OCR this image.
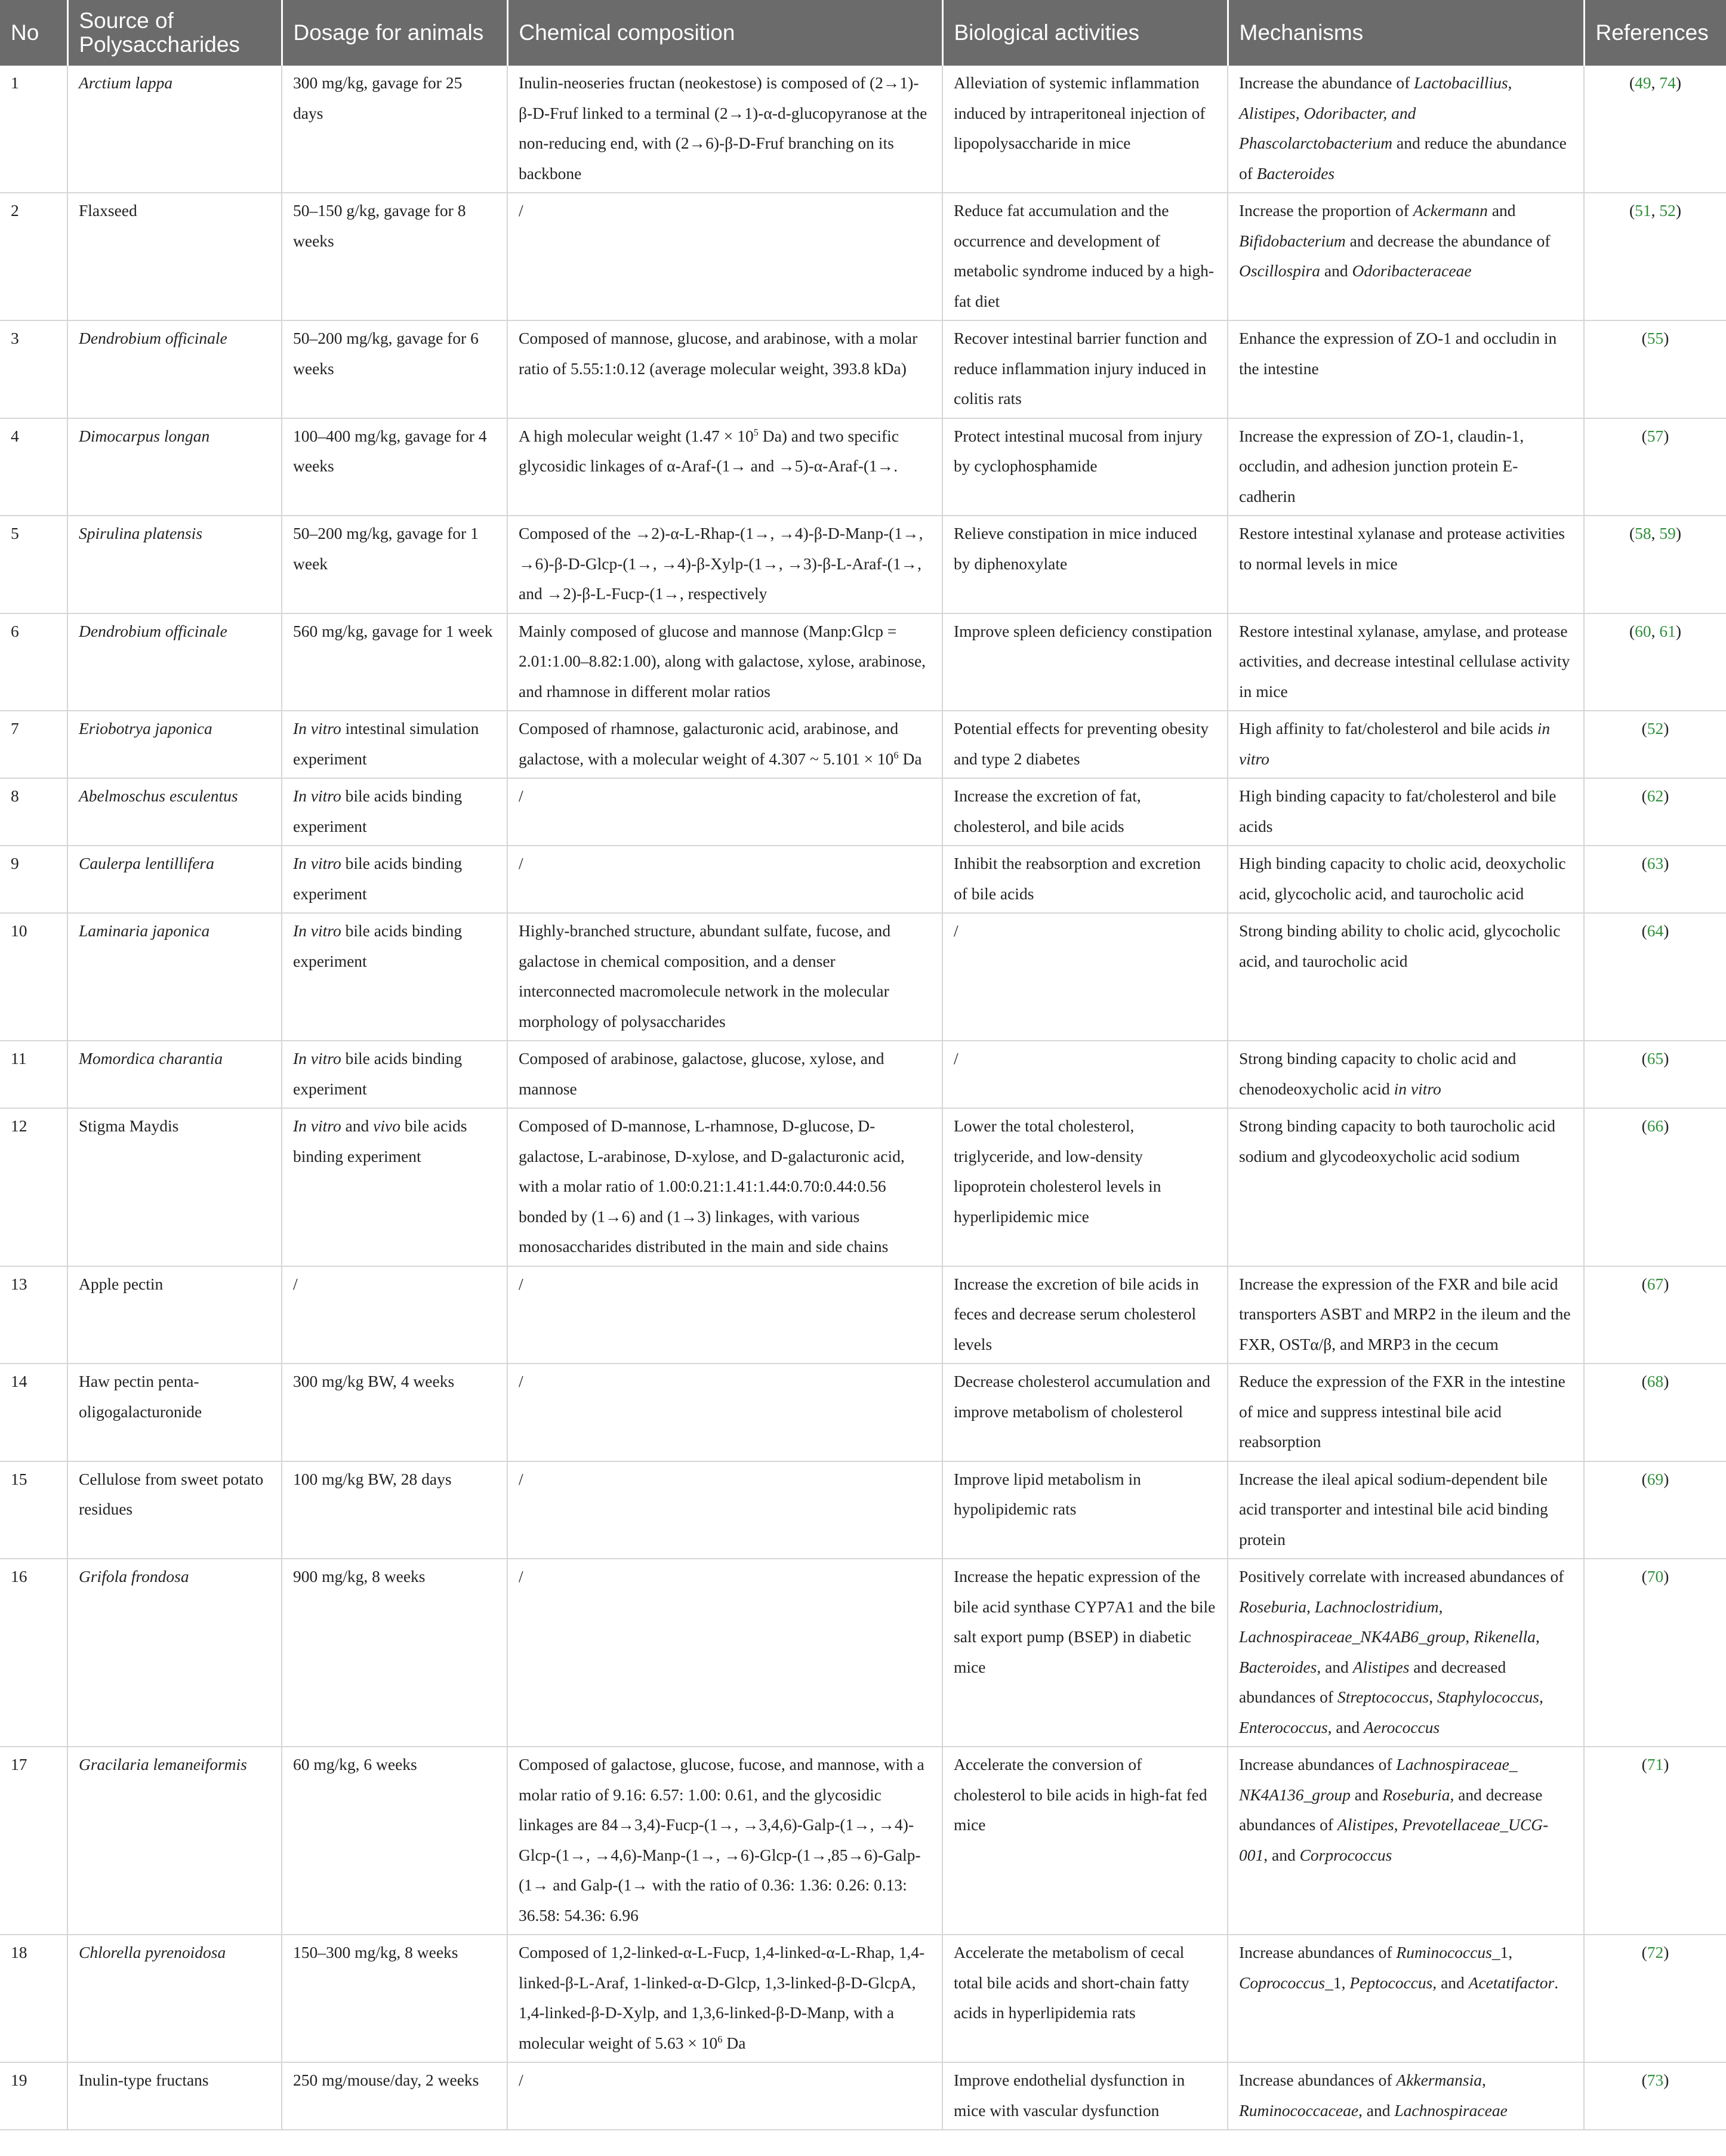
No	Source of Polysaccharides	Dosage for animals	Chemical composition	Biological activities	Mechanisms	References
1	Arctium lappa	300 mg/kg, gavage for 25 days	Inulin-neoseries fructan (neokestose) is composed of (2→1)-β-D-Fruf linked to a terminal (2→1)-α-d-glucopyranose at the non-reducing end, with (2→6)-β-D-Fruf branching on its backbone	Alleviation of systemic inflammation induced by intraperitoneal injection of lipopolysaccharide in mice	Increase the abundance of Lactobacillius, Alistipes, Odoribacter, and Phascolarctobacterium and reduce the abundance of Bacteroides	(49, 74)
2	Flaxseed	50–150 g/kg, gavage for 8 weeks	/	Reduce fat accumulation and the occurrence and development of metabolic syndrome induced by a high-fat diet	Increase the proportion of Ackermann and Bifidobacterium and decrease the abundance of Oscillospira and Odoribacteraceae	(51, 52)
3	Dendrobium officinale	50–200 mg/kg, gavage for 6 weeks	Composed of mannose, glucose, and arabinose, with a molar ratio of 5.55:1:0.12 (average molecular weight, 393.8 kDa)	Recover intestinal barrier function and reduce inflammation injury induced in colitis rats	Enhance the expression of ZO-1 and occludin in the intestine	(55)
4	Dimocarpus longan	100–400 mg/kg, gavage for 4 weeks	A high molecular weight ($1.47 \times 10^5$ Da) and two specific glycosidic linkages of α-Araf-(1→ and →5)-α-Araf-(1→.	Protect intestinal mucosal from injury by cyclophosphamide	Increase the expression of ZO-1, claudin-1, occludin, and adhesion junction protein E-cadherin	(57)
5	Spirulina platensis	50–200 mg/kg, gavage for 1 week	Composed of the →2)-α-L-Rhap-(1→, →4)-β-D-Manp-(1→, →6)-β-D-Glcp-(1→, →4)-β-Xylp-(1→, →3)-β-L-Araf-(1→, and →2)-β-L-Fucp-(1→, respectively	Relieve constipation in mice induced by diphenoxylate	Restore intestinal xylanase and protease activities to normal levels in mice	(58, 59)
6	Dendrobium officinale	560 mg/kg, gavage for 1 week	Mainly composed of glucose and mannose (Manp:Glcp = 2.01:1.00–8.82:1.00), along with galactose, xylose, arabinose, and rhamnose in different molar ratios	Improve spleen deficiency constipation	Restore intestinal xylanase, amylase, and protease activities, and decrease intestinal cellulase activity in mice	(60, 61)
7	Eriobotrya japonica	In vitro intestinal simulation experiment	Composed of rhamnose, galacturonic acid, arabinose, and galactose, with a molecular weight of 4.307 ~ $5.101 \times 10^6$ Da	Potential effects for preventing obesity and type 2 diabetes	High affinity to fat/cholesterol and bile acids in vitro	(52)
8	Abelmoschus esculentus	In vitro bile acids binding experiment	/	Increase the excretion of fat, cholesterol, and bile acids	High binding capacity to fat/cholesterol and bile acids	(62)
9	Caulerpa lentillifera	In vitro bile acids binding experiment	/	Inhibit the reabsorption and excretion of bile acids	High binding capacity to cholic acid, deoxycholic acid, glycocholic acid, and taurocholic acid	(63)
10	Laminaria japonica	In vitro bile acids binding experiment	Highly-branched structure, abundant sulfate, fucose, and galactose in chemical composition, and a denser interconnected macromolecule network in the molecular morphology of polysaccharides	/	Strong binding ability to cholic acid, glycocholic acid, and taurocholic acid	(64)
11	Momordica charantia	In vitro bile acids binding experiment	Composed of arabinose, galactose, glucose, xylose, and mannose	/	Strong binding capacity to cholic acid and chenodeoxycholic acid in vitro	(65)
12	Stigma Maydis	In vitro and vivo bile acids binding experiment	Composed of D-mannose, L-rhamnose, D-glucose, D-galactose, L-arabinose, D-xylose, and D-galacturonic acid, with a molar ratio of 1.00:0.21:1.41:1.44:0.70:0.44:0.56 bonded by (1→6) and (1→3) linkages, with various monosaccharides distributed in the main and side chains	Lower the total cholesterol, triglyceride, and low-density lipoprotein cholesterol levels in hyperlipidemic mice	Strong binding capacity to both taurocholic acid sodium and glycodeoxycholic acid sodium	(66)
13	Apple pectin	/	/	Increase the excretion of bile acids in feces and decrease serum cholesterol levels	Increase the expression of the FXR and bile acid transporters ASBT and MRP2 in the ileum and the FXR, OSTα/β, and MRP3 in the cecum	(67)
14	Haw pectin penta-oligogalacturonide	300 mg/kg BW, 4 weeks	/	Decrease cholesterol accumulation and improve metabolism of cholesterol	Reduce the expression of the FXR in the intestine of mice and suppress intestinal bile acid reabsorption	(68)
15	Cellulose from sweet potato residues	100 mg/kg BW, 28 days	/	Improve lipid metabolism in hypolipidemic rats	Increase the ileal apical sodium-dependent bile acid transporter and intestinal bile acid binding protein	(69)
16	Grifola frondosa	900 mg/kg, 8 weeks	/	Increase the hepatic expression of the bile acid synthase CYP7A1 and the bile salt export pump (BSEP) in diabetic mice	Positively correlate with increased abundances of Roseburia, Lachnoclostridium, Lachnospiraceae_NK4AB6_group, Rikenella, Bacteroides, and Alistipes and decreased abundances of Streptococcus, Staphylococcus, Enterococcus, and Aerococcus	(70)
17	Gracilaria lemaneiformis	60 mg/kg, 6 weeks	Composed of galactose, glucose, fucose, and mannose, with a molar ratio of 9.16: 6.57: 1.00: 0.61, and the glycosidic linkages are 84→3,4)-Fucp-(1→, →3,4,6)-Galp-(1→, →4)-Glcp-(1→, →4,6)-Manp-(1→, →6)-Glcp-(1→,85→6)-Galp-(1→ and Galp-(1→ with the ratio of 0.36: 1.36: 0.26: 0.13: 36.58: 54.36: 6.96	Accelerate the conversion of cholesterol to bile acids in high-fat fed mice	Increase abundances of Lachnospiraceae_ NK4A136_group and Roseburia, and decrease abundances of Alistipes, Prevotellaceae_UCG-001, and Corprococcus	(71)
18	Chlorella pyrenoidosa	150–300 mg/kg, 8 weeks	Composed of 1,2-linked-α-L-Fucp, 1,4-linked-α-L-Rhap, 1,4-linked-β-L-Araf, 1-linked-α-D-Glcp, 1,3-linked-β-D-GlcpA, 1,4-linked-β-D-Xylp, and 1,3,6-linked-β-D-Manp, with a molecular weight of $5.63 \times 10^6$ Da	Accelerate the metabolism of cecal total bile acids and short-chain fatty acids in hyperlipidemia rats	Increase abundances of Ruminococcus_1, Coprococcus_1, Peptococcus, and Acetatifactor.	(72)
19	Inulin-type fructans	250 mg/mouse/day, 2 weeks	/	Improve endothelial dysfunction in mice with vascular dysfunction	Increase abundances of Akkermansia, Ruminococcaceae, and Lachnospiraceae	(73)
